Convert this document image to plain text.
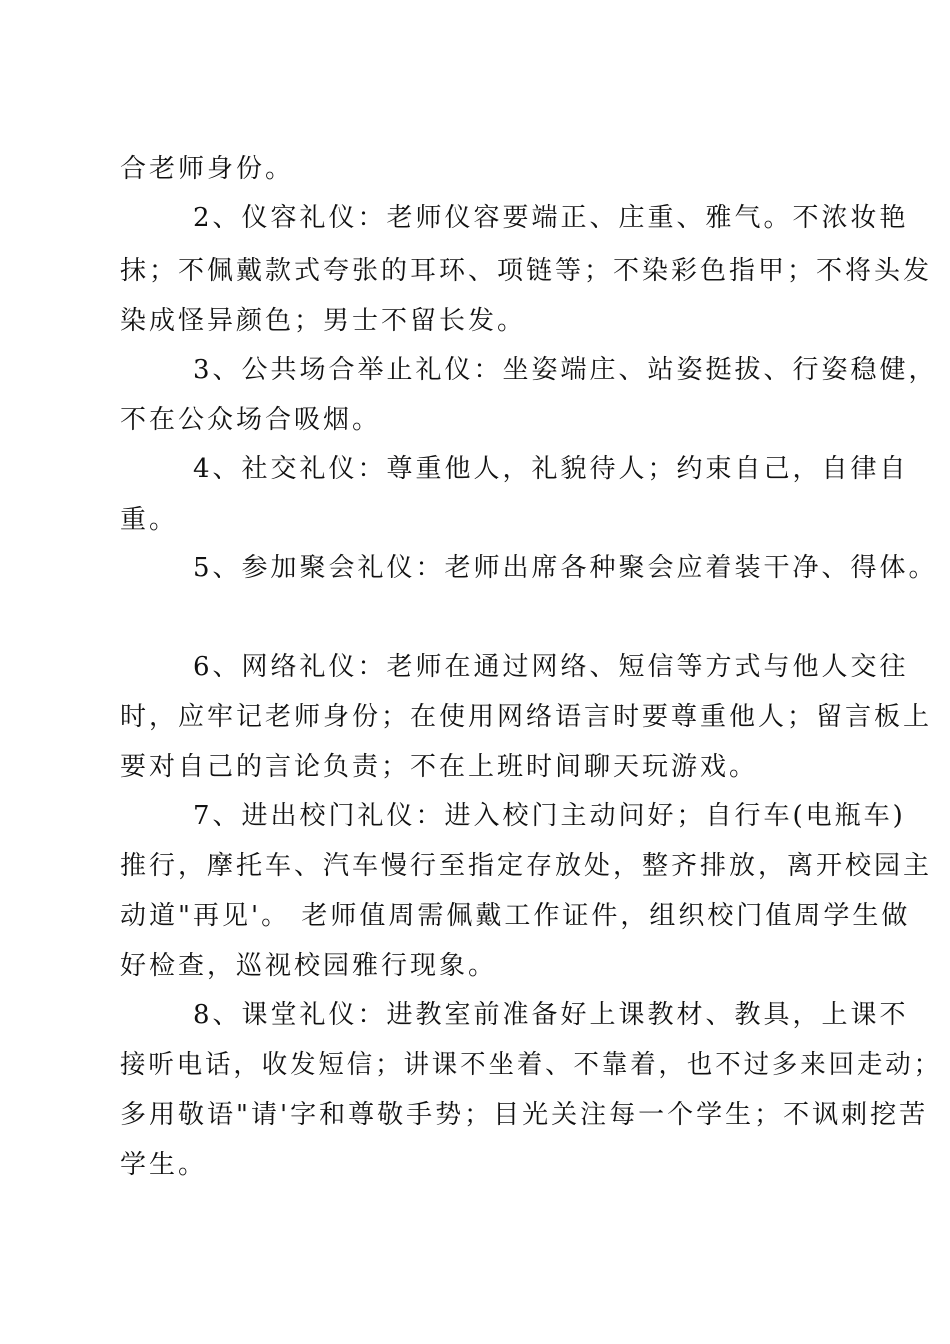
合老师身份。
2、仪容礼仪：老师仪容要端正、庄重、雅气。不浓妆艳
抹；不佩戴款式夸张的耳环、项链等；不染彩色指甲；不将头发
染成怪异颜色；男士不留长发。
3、公共场合举止礼仪：坐姿端庄、站姿挺拔、行姿稳健，
不在公众场合吸烟。
4、社交礼仪：尊重他人，礼貌待人；约束自己，自律自
重。
5、参加聚会礼仪：老师出席各种聚会应着装干净、得体。
6、网络礼仪：老师在通过网络、短信等方式与他人交往
时，应牢记老师身份；在使用网络语言时要尊重他人；留言板上
要对自己的言论负责；不在上班时间聊天玩游戏。
7、进出校门礼仪：进入校门主动问好；自行车(电瓶车)
推行，摩托车、汽车慢行至指定存放处，整齐排放，离开校园主
动道"再见'。 老师值周需佩戴工作证件，组织校门值周学生做
好检查，巡视校园雅行现象。
8、课堂礼仪：进教室前准备好上课教材、教具，上课不
接听电话，收发短信；讲课不坐着、不靠着，也不过多来回走动；
多用敬语"请'字和尊敬手势；目光关注每一个学生；不讽刺挖苦
学生。
